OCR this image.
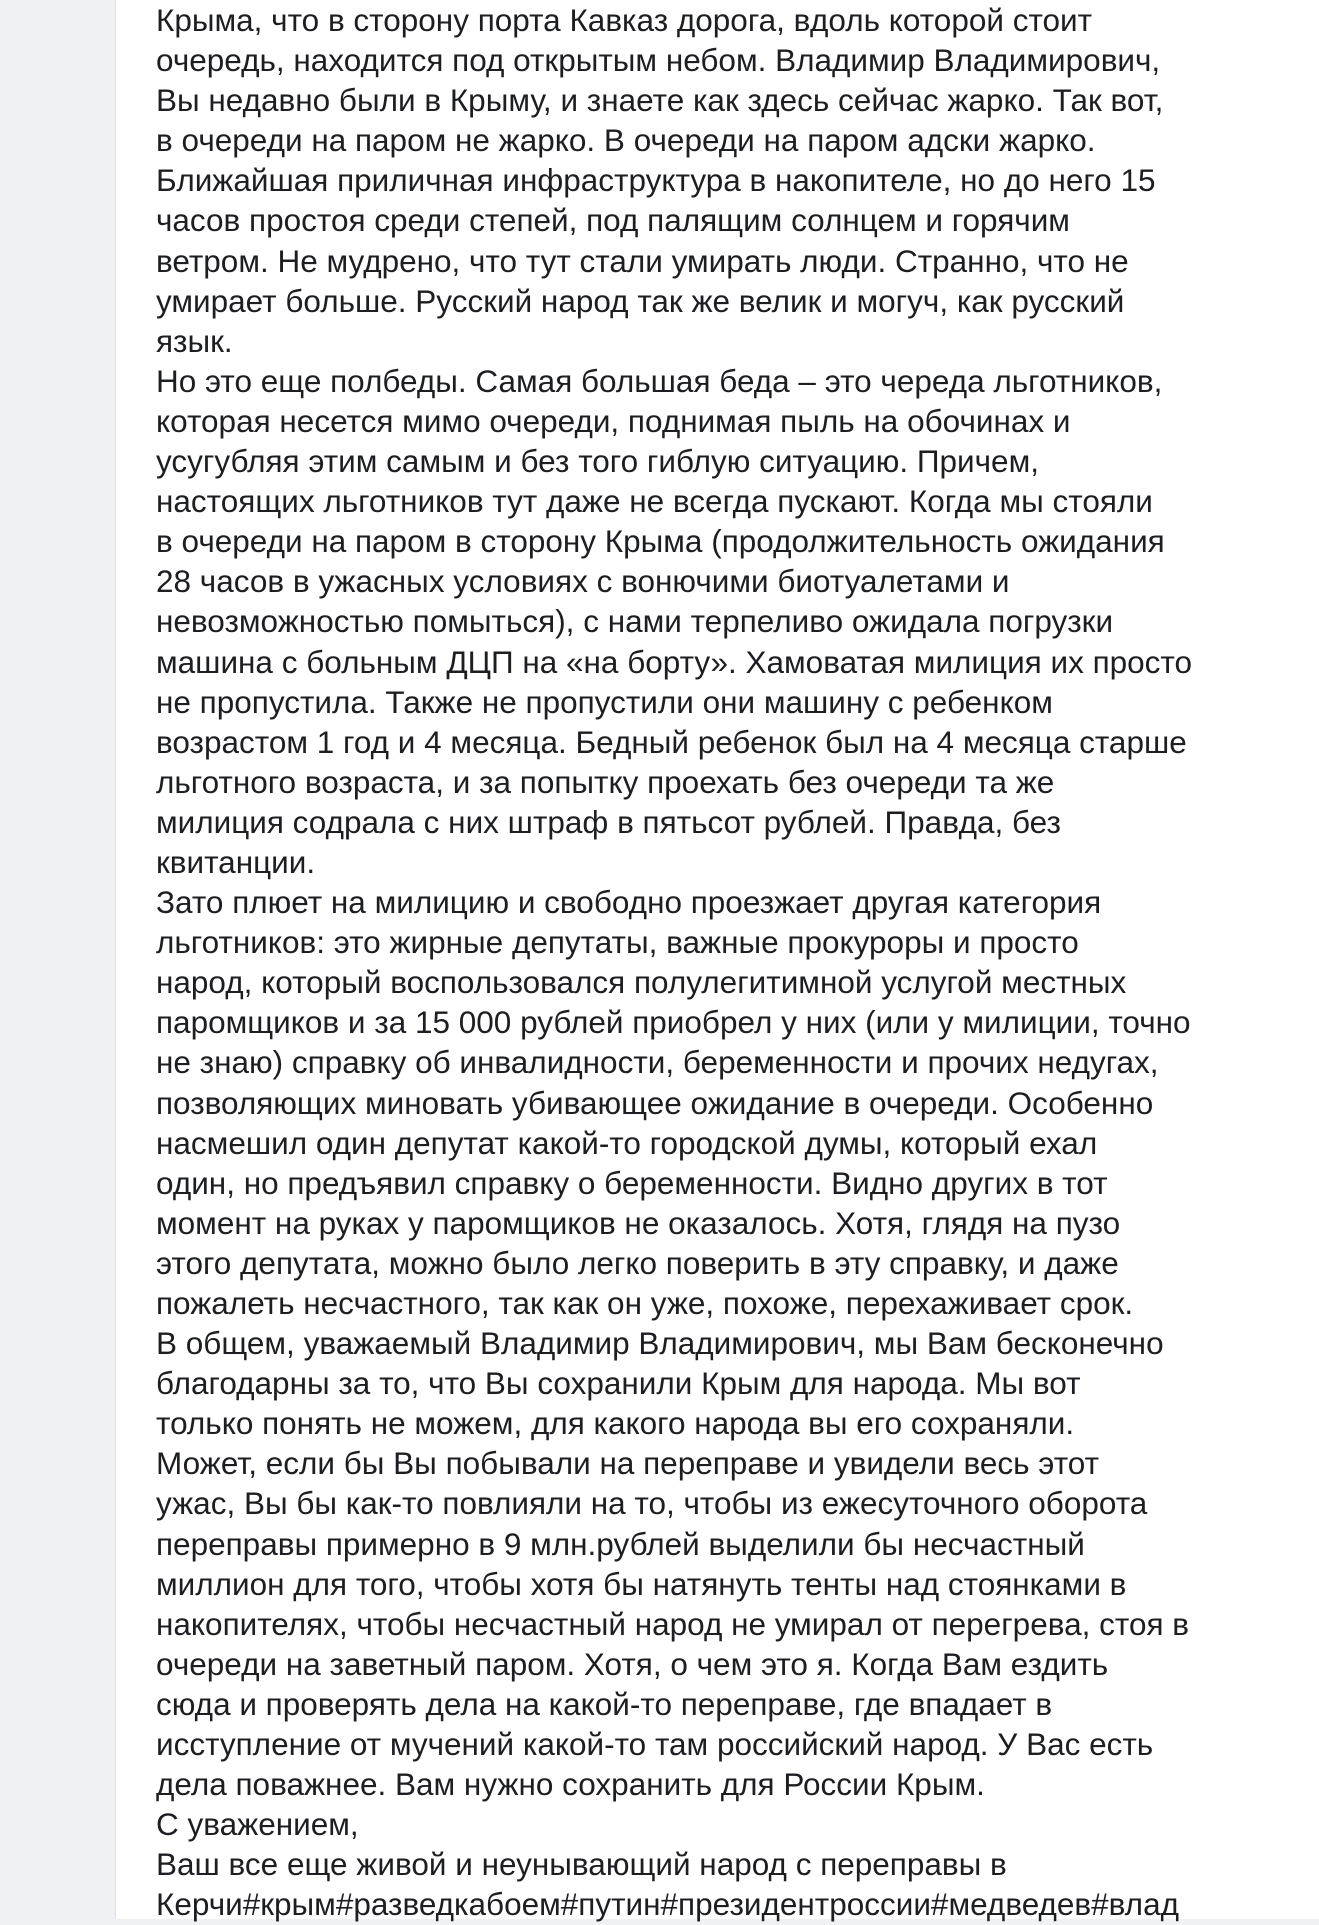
Крыма, что в сторону порта Кавказ дорога, вдоль которой стоит
очередь, находится под открытым небом. Владимир Владимирович,
Вы недавно были в Крыму, и знаете как здесь сейчас жарко. Так вот,
в очереди на паром не жарко. В очереди на паром адски жарко.
Ближайшая приличная инфраструктура в накопителе, но до него 15
часов простоя среди степей, под палящим солнцем и горячим
ветром. Не мудрено, что тут стали умирать люди. Странно, что не
умирает больше. Русский народ так же велик и могуч, как русский
язык.
Но это еще полбеды. Самая большая беда – это череда льготников,
которая несется мимо очереди, поднимая пыль на обочинах и
усугубляя этим самым и без того гиблую ситуацию. Причем,
настоящих льготников тут даже не всегда пускают. Когда мы стояли
в очереди на паром в сторону Крыма (продолжительность ожидания
28 часов в ужасных условиях с вонючими биотуалетами и
невозможностью помыться), с нами терпеливо ожидала погрузки
машина с больным ДЦП на «на борту». Хамоватая милиция их просто
не пропустила. Также не пропустили они машину с ребенком
возрастом 1 год и 4 месяца. Бедный ребенок был на 4 месяца старше
льготного возраста, и за попытку проехать без очереди та же
милиция содрала с них штраф в пятьсот рублей. Правда, без
квитанции.
Зато плюет на милицию и свободно проезжает другая категория
льготников: это жирные депутаты, важные прокуроры и просто
народ, который воспользовался полулегитимной услугой местных
паромщиков и за 15 000 рублей приобрел у них (или у милиции, точно
не знаю) справку об инвалидности, беременности и прочих недугах,
позволяющих миновать убивающее ожидание в очереди. Особенно
насмешил один депутат какой-то городской думы, который ехал
один, но предъявил справку о беременности. Видно других в тот
момент на руках у паромщиков не оказалось. Хотя, глядя на пузо
этого депутата, можно было легко поверить в эту справку, и даже
пожалеть несчастного, так как он уже, похоже, перехаживает срок.
В общем, уважаемый Владимир Владимирович, мы Вам бесконечно
благодарны за то, что Вы сохранили Крым для народа. Мы вот
только понять не можем, для какого народа вы его сохраняли.
Может, если бы Вы побывали на переправе и увидели весь этот
ужас, Вы бы как-то повлияли на то, чтобы из ежесуточного оборота
переправы примерно в 9 млн.рублей выделили бы несчастный
миллион для того, чтобы хотя бы натянуть тенты над стоянками в
накопителях, чтобы несчастный народ не умирал от перегрева, стоя в
очереди на заветный паром. Хотя, о чем это я. Когда Вам ездить
сюда и проверять дела на какой-то переправе, где впадает в
исступление от мучений какой-то там российский народ. У Вас есть
дела поважнее. Вам нужно сохранить для России Крым.
С уважением,
Ваш все еще живой и неунывающий народ с переправы в
Керчи#крым#разведкабоем#путин#президентроссии#медведев#влад
